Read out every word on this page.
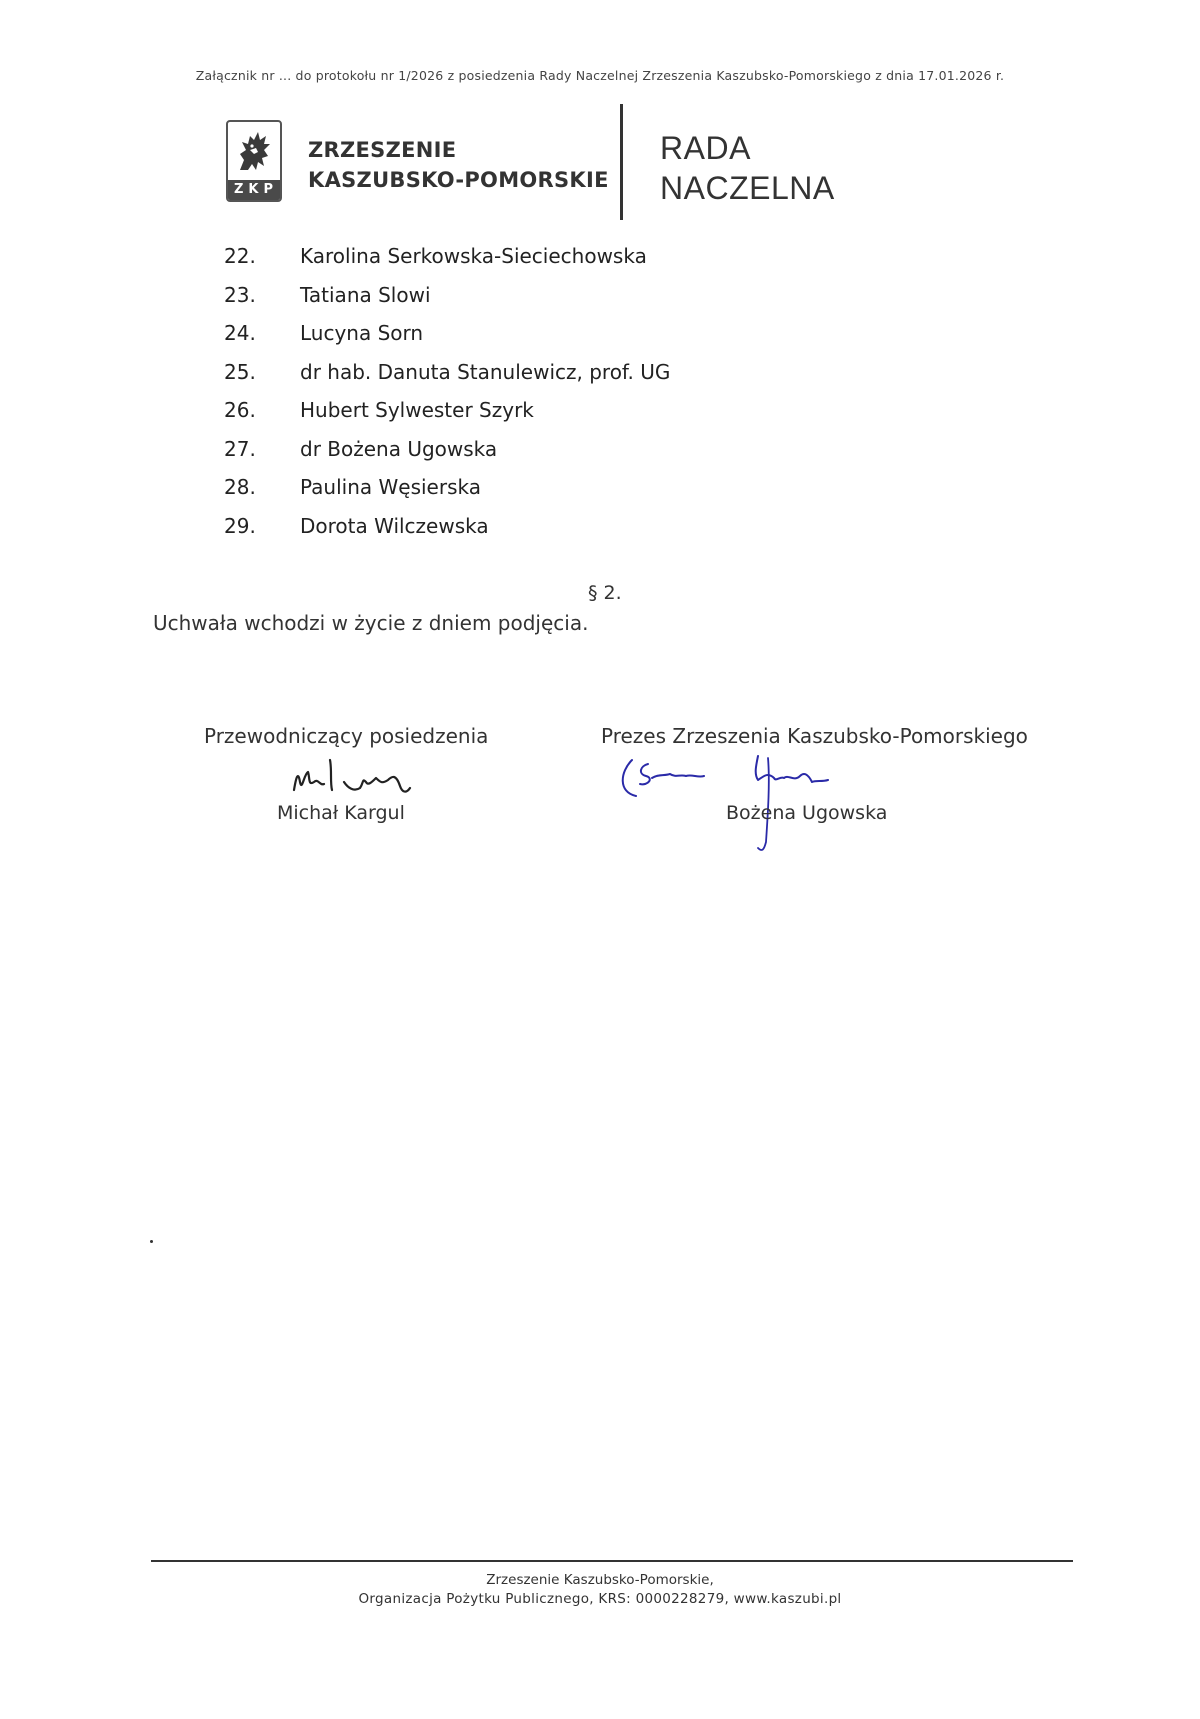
Załącznik nr ... do protokołu nr 1/2026 z posiedzenia Rady Naczelnej Zrzeszenia Kaszubsko-Pomorskiego z dnia 17.01.2026 r.
ZKP
ZRZESZENIE
KASZUBSKO-POMORSKIE
RADA
NACZELNA
22. Karolina Serkowska-Sieciechowska
23. Tatiana Slowi
24. Lucyna Sorn
25. dr hab. Danuta Stanulewicz, prof. UG
26. Hubert Sylwester Szyrk
27. dr Bożena Ugowska
28. Paulina Węsierska
29. Dorota Wilczewska
§ 2.
Uchwała wchodzi w życie z dniem podjęcia.
Przewodniczący posiedzenia
Michał Kargul
Prezes Zrzeszenia Kaszubsko-Pomorskiego
Bożena Ugowska
Zrzeszenie Kaszubsko-Pomorskie,
Organizacja Pożytku Publicznego, KRS: 0000228279, www.kaszubi.pl
